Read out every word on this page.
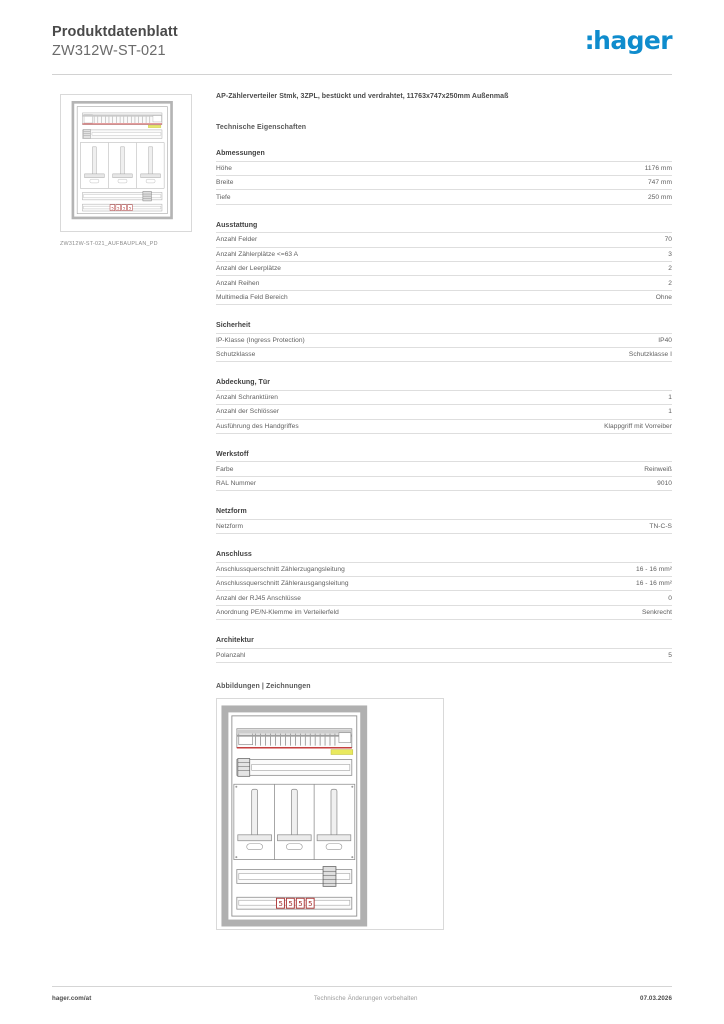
Produktdatenblatt
ZW312W-ST-021	:hager
5 5 5 5
ZW312W-ST-021_AUFBAUPLAN_PD
AP-Zählerverteiler Stmk, 3ZPL, bestückt und verdrahtet, 11763x747x250mm Außenmaß
Technische Eigenschaften
Abmessungen
Höhe	1176 mm
Breite	747 mm
Tiefe	250 mm
Ausstattung
Anzahl Felder	70
Anzahl Zählerplätze <=63 A	3
Anzahl der Leerplätze	2
Anzahl Reihen	2
Multimedia Feld Bereich	Ohne
Sicherheit
IP-Klasse (Ingress Protection)	IP40
Schutzklasse	Schutzklasse I
Abdeckung, Tür
Anzahl Schranktüren	1
Anzahl der Schlösser	1
Ausführung des Handgriffes	Klappgriff mit Vorreiber
Werkstoff
Farbe	Reinweiß
RAL Nummer	9010
Netzform
Netzform	TN-C-S
Anschluss
Anschlussquerschnitt Zählerzugangsleitung	16 - 16 mm²
Anschlussquerschnitt Zählerausgangsleitung	16 - 16 mm²
Anzahl der RJ45 Anschlüsse	0
Anordnung PE/N-Klemme im Verteilerfeld	Senkrecht
Architektur
Polanzahl	5
Abbildungen | Zeichnungen
5 5 5 5
hager.com/at	Technische Änderungen vorbehalten	07.03.2026
